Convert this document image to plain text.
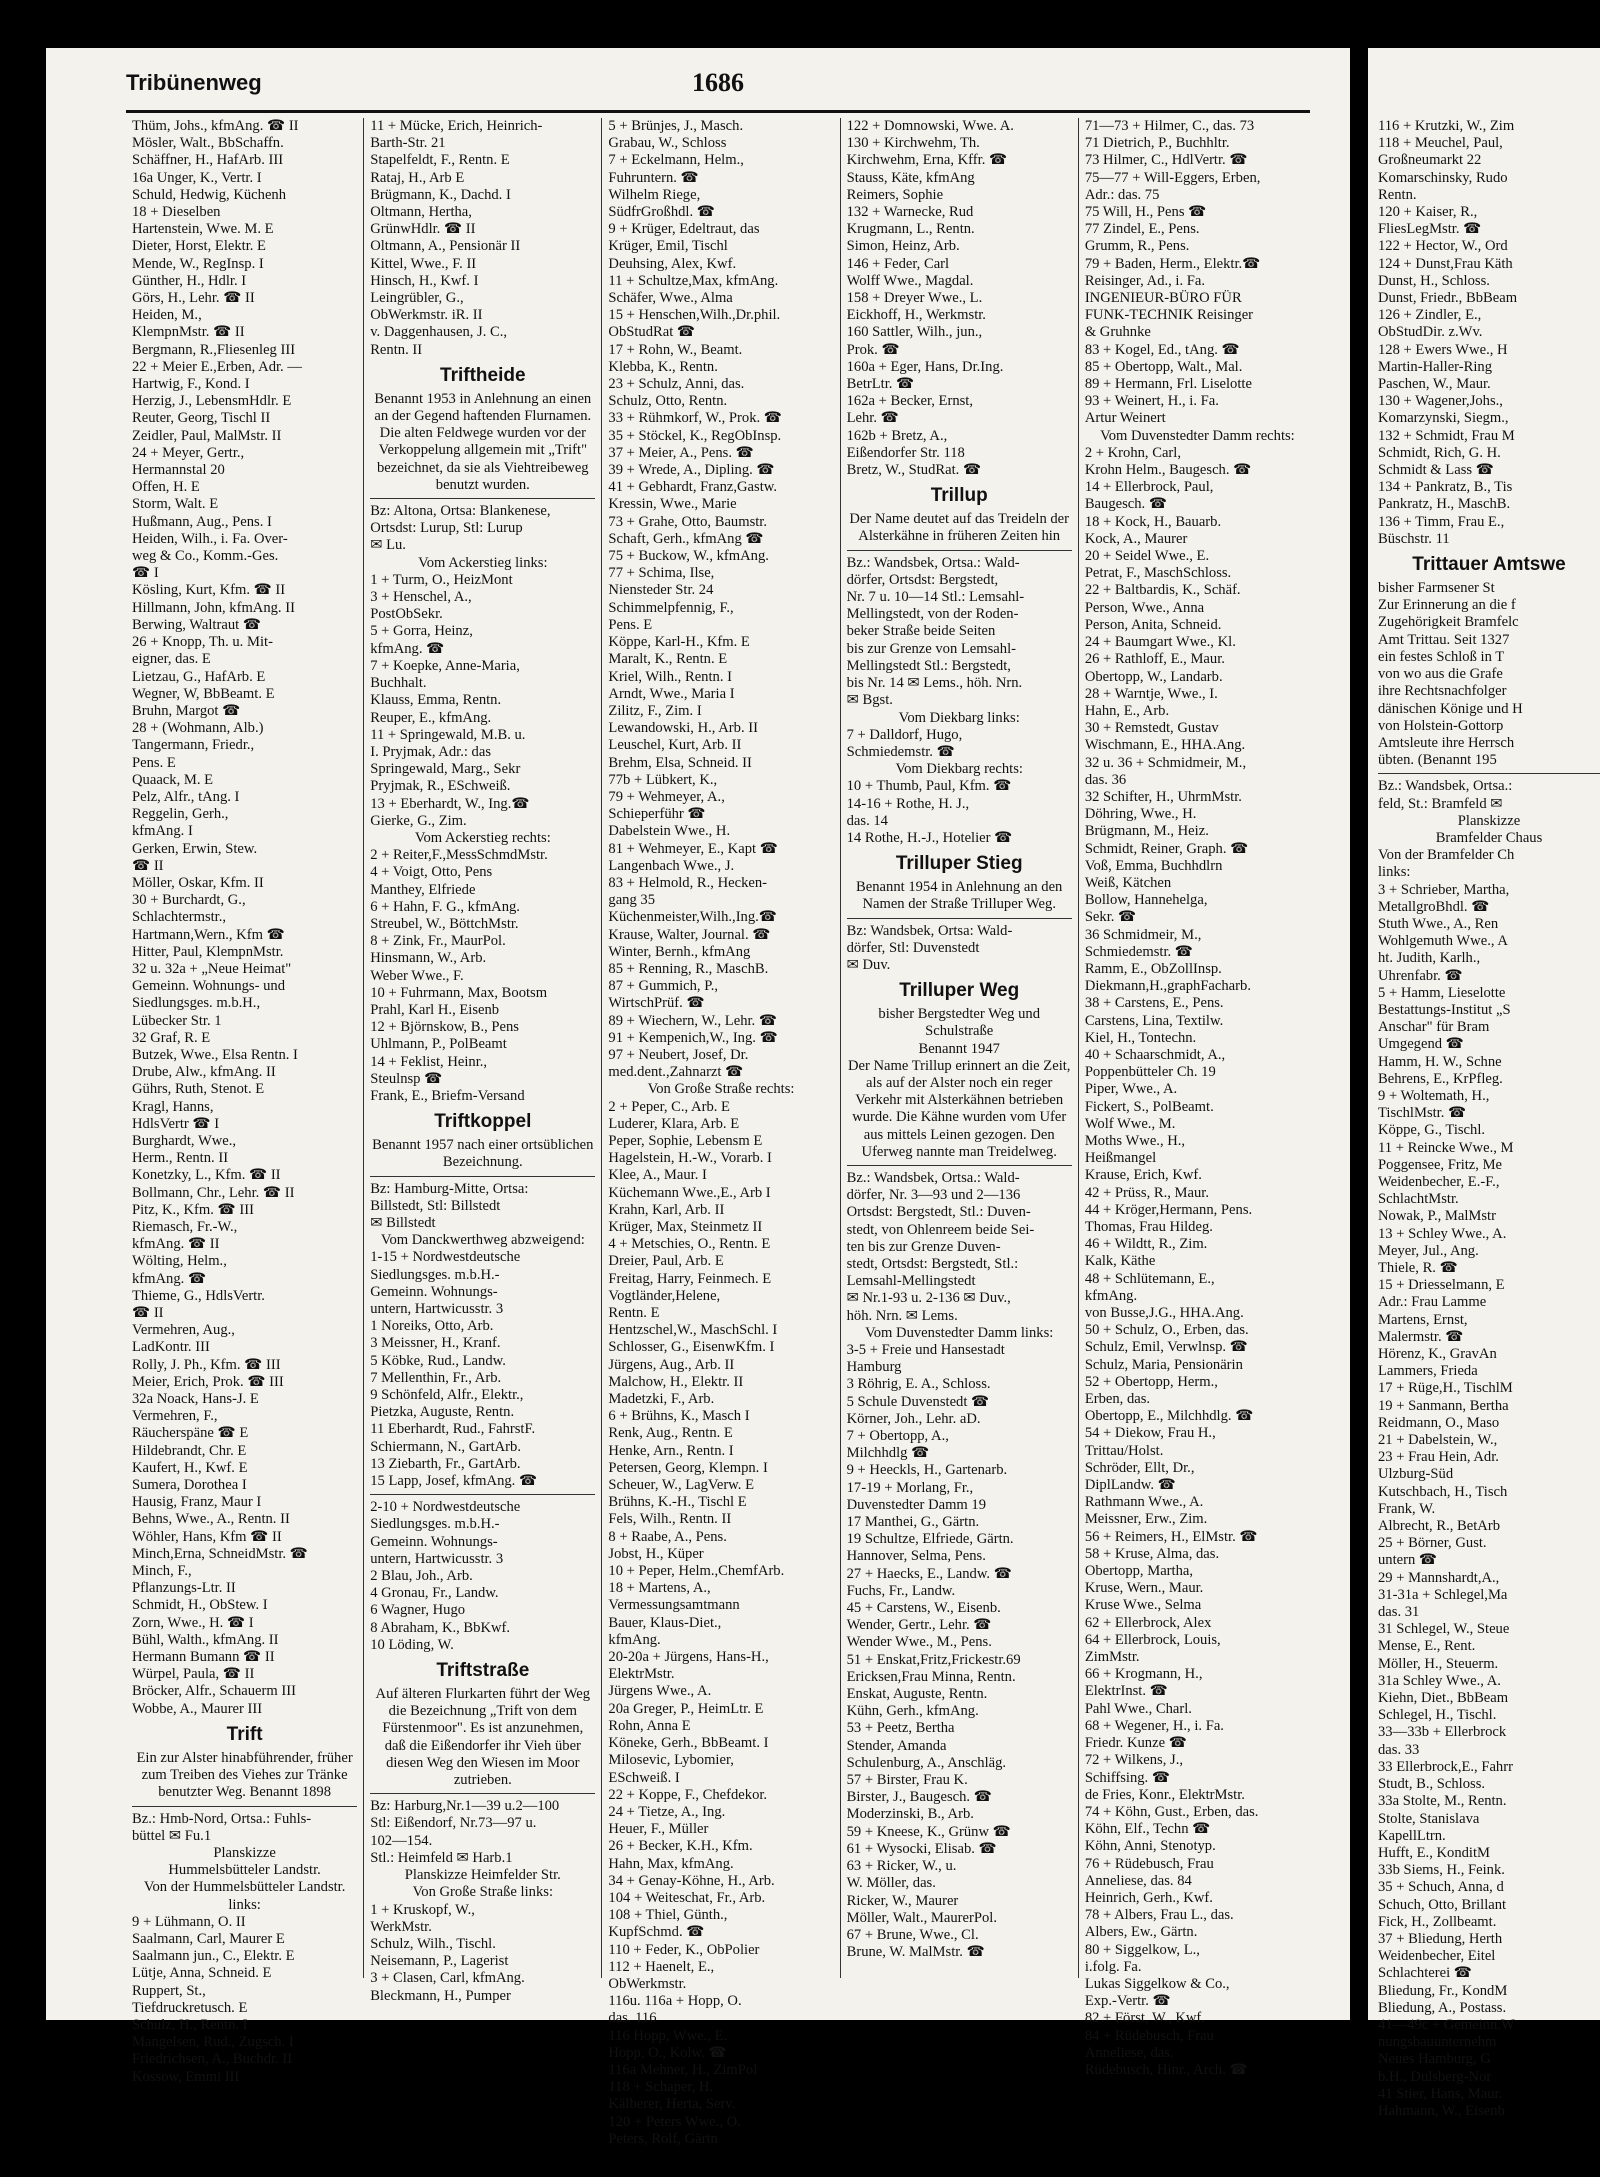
Tribünenweg	1686
Thüm, Johs., kfmAng. ☎ II
Mösler, Walt., BbSchaffn.
Schäffner, H., HafArb. III
16a Unger, K., Vertr. I
Schuld, Hedwig, Küchenh
18 + Dieselben
Hartenstein, Wwe. M. E
Dieter, Horst, Elektr. E
Mende, W., RegInsp. I
Günther, H., Hdlr. I
Görs, H., Lehr. ☎ II
Heiden, M.,
KlempnMstr. ☎ II
Bergmann, R.,Fliesenleg III
22 + Meier E.,Erben, Adr. —
Hartwig, F., Kond. I
Herzig, J., LebensmHdlr. E
Reuter, Georg, Tischl II
Zeidler, Paul, MalMstr. II
24 + Meyer, Gertr.,
Hermannstal 20
Offen, H. E
Storm, Walt. E
Hußmann, Aug., Pens. I
Heiden, Wilh., i. Fa. Over-
weg & Co., Komm.-Ges.
☎ I
Kösling, Kurt, Kfm. ☎ II
Hillmann, John, kfmAng. II
Berwing, Waltraut ☎
26 + Knopp, Th. u. Mit-
eigner, das. E
Lietzau, G., HafArb. E
Wegner, W, BbBeamt. E
Bruhn, Margot ☎
28 + (Wohmann, Alb.)
Tangermann, Friedr.,
Pens. E
Quaack, M. E
Pelz, Alfr., tAng. I
Reggelin, Gerh.,
kfmAng. I
Gerken, Erwin, Stew.
☎ II
Möller, Oskar, Kfm. II
30 + Burchardt, G.,
Schlachtermstr.,
Hartmann,Wern., Kfm ☎
Hitter, Paul, KlempnMstr.
32 u. 32a + „Neue Heimat"
Gemeinn. Wohnungs- und
Siedlungsges. m.b.H.,
Lübecker Str. 1
32 Graf, R. E
Butzek, Wwe., Elsa Rentn. I
Drube, Alw., kfmAng. II
Gührs, Ruth, Stenot. E
Kragl, Hanns,
HdlsVertr ☎ I
Burghardt, Wwe.,
Herm., Rentn. II
Konetzky, L., Kfm. ☎ II
Bollmann, Chr., Lehr. ☎ II
Pitz, K., Kfm. ☎ III
Riemasch, Fr.-W.,
kfmAng. ☎ II
Wölting, Helm.,
kfmAng. ☎
Thieme, G., HdlsVertr.
☎ II
Vermehren, Aug.,
LadKontr. III
Rolly, J. Ph., Kfm. ☎ III
Meier, Erich, Prok. ☎ III
32a Noack, Hans-J. E
Vermehren, F.,
Räucherspäne ☎ E
Hildebrandt, Chr. E
Kaufert, H., Kwf. E
Sumera, Dorothea I
Hausig, Franz, Maur I
Behns, Wwe., A., Rentn. II
Wöhler, Hans, Kfm ☎ II
Minch,Erna, SchneidMstr. ☎
Minch, F.,
Pflanzungs-Ltr. II
Schmidt, H., ObStew. I
Zorn, Wwe., H. ☎ I
Bühl, Walth., kfmAng. II
Hermann Bumann ☎ II
Würpel, Paula, ☎ II
Bröcker, Alfr., Schauerm III
Wobbe, A., Maurer III
Trift
Ein zur Alster hinabführender, früher zum Treiben des Viehes zur Tränke benutzter Weg. Benannt 1898
Bz.: Hmb-Nord, Ortsa.: Fuhls-
büttel ✉ Fu.1
Planskizze
Hummelsbütteler Landstr.
Von der Hummelsbütteler Landstr. links:
9 + Lühmann, O. II
Saalmann, Carl, Maurer E
Saalmann jun., C., Elektr. E
Lütje, Anna, Schneid. E
Ruppert, St.,
Tiefdruckretusch. E
Schulz, H., Rentn. I
Mangelsen, Rud., Zugsch. I
Friedrichsen, A., Buchdr. II
Kossow, Emmi III
11 + Mücke, Erich, Heinrich-
Barth-Str. 21
Stapelfeldt, F., Rentn. E
Rataj, H., Arb E
Brügmann, K., Dachd. I
Oltmann, Hertha,
GrünwHdlr. ☎ II
Oltmann, A., Pensionär II
Kittel, Wwe., F. II
Hinsch, H., Kwf. I
Leingrübler, G.,
ObWerkmstr. iR. II
v. Daggenhausen, J. C.,
Rentn. II
Triftheide
Benannt 1953 in Anlehnung an einen an der Gegend haftenden Flurnamen. Die alten Feldwege wurden vor der Verkoppelung allgemein mit „Trift" bezeichnet, da sie als Viehtreibeweg benutzt wurden.
Bz: Altona, Ortsa: Blankenese,
Ortsdst: Lurup, Stl: Lurup
✉ Lu.
Vom Ackerstieg links:
1 + Turm, O., HeizMont
3 + Henschel, A.,
PostObSekr.
5 + Gorra, Heinz,
kfmAng. ☎
7 + Koepke, Anne-Maria,
Buchhalt.
Klauss, Emma, Rentn.
Reuper, E., kfmAng.
11 + Springewald, M.B. u.
I. Pryjmak, Adr.: das
Springewald, Marg., Sekr
Pryjmak, R., ESchweiß.
13 + Eberhardt, W., Ing.☎
Gierke, G., Zim.
Vom Ackerstieg rechts:
2 + Reiter,F.,MessSchmdMstr.
4 + Voigt, Otto, Pens
Manthey, Elfriede
6 + Hahn, F. G., kfmAng.
Streubel, W., BöttchMstr.
8 + Zink, Fr., MaurPol.
Hinsmann, W., Arb.
Weber Wwe., F.
10 + Fuhrmann, Max, Bootsm
Prahl, Karl H., Eisenb
12 + Björnskow, B., Pens
Uhlmann, P., PolBeamt
14 + Feklist, Heinr.,
Steulnsp ☎
Frank, E., Briefm-Versand
Triftkoppel
Benannt 1957 nach einer ortsüblichen Bezeichnung.
Bz: Hamburg-Mitte, Ortsa:
Billstedt, Stl: Billstedt
✉ Billstedt
Vom Danckwerthweg abzweigend:
1-15 + Nordwestdeutsche
Siedlungsges. m.b.H.-
Gemeinn. Wohnungs-
untern, Hartwicusstr. 3
1 Noreiks, Otto, Arb.
3 Meissner, H., Kranf.
5 Köbke, Rud., Landw.
7 Mellenthin, Fr., Arb.
9 Schönfeld, Alfr., Elektr.,
Pietzka, Auguste, Rentn.
11 Eberhardt, Rud., FahrstF.
Schiermann, N., GartArb.
13 Ziebarth, Fr., GartArb.
15 Lapp, Josef, kfmAng. ☎
2-10 + Nordwestdeutsche
Siedlungsges. m.b.H.-
Gemeinn. Wohnungs-
untern, Hartwicusstr. 3
2 Blau, Joh., Arb.
4 Gronau, Fr., Landw.
6 Wagner, Hugo
8 Abraham, K., BbKwf.
10 Löding, W.
Triftstraße
Auf älteren Flurkarten führt der Weg die Bezeichnung „Trift von dem Fürstenmoor". Es ist anzunehmen, daß die Eißendorfer ihr Vieh über diesen Weg den Wiesen im Moor zutrieben.
Bz: Harburg,Nr.1—39 u.2—100
Stl: Eißendorf, Nr.73—97 u.
102—154.
Stl.: Heimfeld ✉ Harb.1
Planskizze Heimfelder Str.
Von Große Straße links:
1 + Kruskopf, W.,
WerkMstr.
Schulz, Wilh., Tischl.
Neisemann, P., Lagerist
3 + Clasen, Carl, kfmAng.
Bleckmann, H., Pumper
5 + Brünjes, J., Masch.
Grabau, W., Schloss
7 + Eckelmann, Helm.,
Fuhruntern. ☎
Wilhelm Riege,
SüdfrGroßhdl. ☎
9 + Krüger, Edeltraut, das
Krüger, Emil, Tischl
Deuhsing, Alex, Kwf.
11 + Schultze,Max, kfmAng.
Schäfer, Wwe., Alma
15 + Henschen,Wilh.,Dr.phil.
ObStudRat ☎
17 + Rohn, W., Beamt.
Klebba, K., Rentn.
23 + Schulz, Anni, das.
Schulz, Otto, Rentn.
33 + Rühmkorf, W., Prok. ☎
35 + Stöckel, K., RegObInsp.
37 + Meier, A., Pens. ☎
39 + Wrede, A., Dipling. ☎
41 + Gebhardt, Franz,Gastw.
Kressin, Wwe., Marie
73 + Grahe, Otto, Baumstr.
Schaft, Gerh., kfmAng ☎
75 + Buckow, W., kfmAng.
77 + Schima, Ilse,
Niensteder Str. 24
Schimmelpfennig, F.,
Pens. E
Köppe, Karl-H., Kfm. E
Maralt, K., Rentn. E
Kriel, Wilh., Rentn. I
Arndt, Wwe., Maria I
Zilitz, F., Zim. I
Lewandowski, H., Arb. II
Leuschel, Kurt, Arb. II
Brehm, Elsa, Schneid. II
77b + Lübkert, K.,
79 + Wehmeyer, A.,
Schieperführ ☎
Dabelstein Wwe., H.
81 + Wehmeyer, E., Kapt ☎
Langenbach Wwe., J.
83 + Helmold, R., Hecken-
gang 35
Küchenmeister,Wilh.,Ing.☎
Krause, Walter, Journal. ☎
Winter, Bernh., kfmAng
85 + Renning, R., MaschB.
87 + Gummich, P.,
WirtschPrüf. ☎
89 + Wiechern, W., Lehr. ☎
91 + Kempenich,W., Ing. ☎
97 + Neubert, Josef, Dr.
med.dent.,Zahnarzt ☎
Von Große Straße rechts:
2 + Peper, C., Arb. E
Luderer, Klara, Arb. E
Peper, Sophie, Lebensm E
Hagelstein, H.-W., Vorarb. I
Klee, A., Maur. I
Küchemann Wwe.,E., Arb I
Krahn, Karl, Arb. II
Krüger, Max, Steinmetz II
4 + Metschies, O., Rentn. E
Dreier, Paul, Arb. E
Freitag, Harry, Feinmech. E
Vogtländer,Helene,
Rentn. E
Hentzschel,W., MaschSchl. I
Schlosser, G., EisenwKfm. I
Jürgens, Aug., Arb. II
Malchow, H., Elektr. II
Madetzki, F., Arb.
6 + Brühns, K., Masch I
Renk, Aug., Rentn. E
Henke, Arn., Rentn. I
Petersen, Georg, Klempn. I
Scheuer, W., LagVerw. E
Brühns, K.-H., Tischl E
Fels, Wilh., Rentn. II
8 + Raabe, A., Pens.
Jobst, H., Küper
10 + Peper, Helm.,ChemfArb.
18 + Martens, A.,
Vermessungsamtmann
Bauer, Klaus-Diet.,
kfmAng.
20-20a + Jürgens, Hans-H.,
ElektrMstr.
Jürgens Wwe., A.
20a Greger, P., HeimLtr. E
Rohn, Anna E
Köneke, Gerh., BbBeamt. I
Milosevic, Lybomier,
ESchweiß. I
22 + Koppe, F., Chefdekor.
24 + Tietze, A., Ing.
Heuer, F., Müller
26 + Becker, K.H., Kfm.
Hahn, Max, kfmAng.
34 + Genay-Köhne, H., Arb.
104 + Weiteschat, Fr., Arb.
108 + Thiel, Günth.,
KupfSchmd. ☎
110 + Feder, K., ObPolier
112 + Haenelt, E.,
ObWerkmstr.
116u. 116a + Hopp, O.
das. 116
116 Hopp, Wwe., E.
Hopp, O., Kolw. ☎
116a Mehner, H., ZimPol
118 + Schaper, H.
Kälberer, Herta, Serv.
120 + Peters Wwe., O.
Peters, Rolf, Gärtn
122 + Domnowski, Wwe. A.
130 + Kirchwehm, Th.
Kirchwehm, Erna, Kffr. ☎
Stauss, Käte, kfmAng
Reimers, Sophie
132 + Warnecke, Rud
Krugmann, L., Rentn.
Simon, Heinz, Arb.
146 + Feder, Carl
Wolff Wwe., Magdal.
158 + Dreyer Wwe., L.
Eickhoff, H., Werkmstr.
160 Sattler, Wilh., jun.,
Prok. ☎
160a + Eger, Hans, Dr.Ing.
BetrLtr. ☎
162a + Becker, Ernst,
Lehr. ☎
162b + Bretz, A.,
Eißendorfer Str. 118
Bretz, W., StudRat. ☎
Trillup
Der Name deutet auf das Treideln der Alsterkähne in früheren Zeiten hin
Bz.: Wandsbek, Ortsa.: Wald-
dörfer, Ortsdst: Bergstedt,
Nr. 7 u. 10—14 Stl.: Lemsahl-
Mellingstedt, von der Roden-
beker Straße beide Seiten
bis zur Grenze von Lemsahl-
Mellingstedt Stl.: Bergstedt,
bis Nr. 14 ✉ Lems., höh. Nrn.
✉ Bgst.
Vom Diekbarg links:
7 + Dalldorf, Hugo,
Schmiedemstr. ☎
Vom Diekbarg rechts:
10 + Thumb, Paul, Kfm. ☎
14-16 + Rothe, H. J.,
das. 14
14 Rothe, H.-J., Hotelier ☎
Trilluper Stieg
Benannt 1954 in Anlehnung an den Namen der Straße Trilluper Weg.
Bz: Wandsbek, Ortsa: Wald-
dörfer, Stl: Duvenstedt
✉ Duv.
Trilluper Weg
bisher Bergstedter Weg und Schulstraße
Benannt 1947
Der Name Trillup erinnert an die Zeit, als auf der Alster noch ein reger Verkehr mit Alsterkähnen betrieben wurde. Die Kähne wurden vom Ufer aus mittels Leinen gezogen. Den Uferweg nannte man Treidelweg.
Bz.: Wandsbek, Ortsa.: Wald-
dörfer, Nr. 3—93 und 2—136
Ortsdst: Bergstedt, Stl.: Duven-
stedt, von Ohlenreem beide Sei-
ten bis zur Grenze Duven-
stedt, Ortsdst: Bergstedt, Stl.:
Lemsahl-Mellingstedt
✉ Nr.1-93 u. 2-136 ✉ Duv.,
höh. Nrn. ✉ Lems.
Vom Duvenstedter Damm links:
3-5 + Freie und Hansestadt
Hamburg
3 Röhrig, E. A., Schloss.
5 Schule Duvenstedt ☎
Körner, Joh., Lehr. aD.
7 + Obertopp, A.,
Milchhdlg ☎
9 + Heeckls, H., Gartenarb.
17-19 + Morlang, Fr.,
Duvenstedter Damm 19
17 Manthei, G., Gärtn.
19 Schultze, Elfriede, Gärtn.
Hannover, Selma, Pens.
27 + Haecks, E., Landw. ☎
Fuchs, Fr., Landw.
45 + Carstens, W., Eisenb.
Wender, Gertr., Lehr. ☎
Wender Wwe., M., Pens.
51 + Enskat,Fritz,Frickestr.69
Ericksen,Frau Minna, Rentn.
Enskat, Auguste, Rentn.
Kühn, Gerh., kfmAng.
53 + Peetz, Bertha
Stender, Amanda
Schulenburg, A., Anschläg.
57 + Birster, Frau K.
Birster, J., Baugesch. ☎
Moderzinski, B., Arb.
59 + Kneese, K., Grünw ☎
61 + Wysocki, Elisab. ☎
63 + Ricker, W., u.
W. Möller, das.
Ricker, W., Maurer
Möller, Walt., MaurerPol.
67 + Brune, Wwe., Cl.
Brune, W. MalMstr. ☎
71—73 + Hilmer, C., das. 73
71 Dietrich, P., Buchhltr.
73 Hilmer, C., HdlVertr. ☎
75—77 + Will-Eggers, Erben,
Adr.: das. 75
75 Will, H., Pens ☎
77 Zindel, E., Pens.
Grumm, R., Pens.
79 + Baden, Herm., Elektr.☎
Reisinger, Ad., i. Fa.
INGENIEUR-BÜRO FÜR
FUNK-TECHNIK Reisinger
& Gruhnke
83 + Kogel, Ed., tAng. ☎
85 + Obertopp, Walt., Mal.
89 + Hermann, Frl. Liselotte
93 + Weinert, H., i. Fa.
Artur Weinert
Vom Duvenstedter Damm rechts:
2 + Krohn, Carl,
Krohn Helm., Baugesch. ☎
14 + Ellerbrock, Paul,
Baugesch. ☎
18 + Kock, H., Bauarb.
Kock, A., Maurer
20 + Seidel Wwe., E.
Petrat, F., MaschSchloss.
22 + Baltbardis, K., Schäf.
Person, Wwe., Anna
Person, Anita, Schneid.
24 + Baumgart Wwe., Kl.
26 + Rathloff, E., Maur.
Obertopp, W., Landarb.
28 + Warntje, Wwe., I.
Hahn, E., Arb.
30 + Remstedt, Gustav
Wischmann, E., HHA.Ang.
32 u. 36 + Schmidmeir, M.,
das. 36
32 Schifter, H., UhrmMstr.
Döhring, Wwe., H.
Brügmann, M., Heiz.
Schmidt, Reiner, Graph. ☎
Voß, Emma, Buchhdlrn
Weiß, Kätchen
Bollow, Hannehelga,
Sekr. ☎
36 Schmidmeir, M.,
Schmiedemstr. ☎
Ramm, E., ObZollInsp.
Diekmann,H.,graphFacharb.
38 + Carstens, E., Pens.
Carstens, Lina, Textilw.
Kiel, H., Tontechn.
40 + Schaarschmidt, A.,
Poppenbütteler Ch. 19
Piper, Wwe., A.
Fickert, S., PolBeamt.
Wolf Wwe., M.
Moths Wwe., H.,
Heißmangel
Krause, Erich, Kwf.
42 + Prüss, R., Maur.
44 + Kröger,Hermann, Pens.
Thomas, Frau Hildeg.
46 + Wildtt, R., Zim.
Kalk, Käthe
48 + Schlütemann, E.,
kfmAng.
von Busse,J.G., HHA.Ang.
50 + Schulz, O., Erben, das.
Schulz, Emil, Verwlnsp. ☎
Schulz, Maria, Pensionärin
52 + Obertopp, Herm.,
Erben, das.
Obertopp, E., Milchhdlg. ☎
54 + Diekow, Frau H.,
Trittau/Holst.
Schröder, Ellt, Dr.,
DiplLandw. ☎
Rathmann Wwe., A.
Meissner, Erw., Zim.
56 + Reimers, H., ElMstr. ☎
58 + Kruse, Alma, das.
Obertopp, Martha,
Kruse, Wern., Maur.
Kruse Wwe., Selma
62 + Ellerbrock, Alex
64 + Ellerbrock, Louis,
ZimMstr.
66 + Krogmann, H.,
ElektrInst. ☎
Pahl Wwe., Charl.
68 + Wegener, H., i. Fa.
Friedr. Kunze ☎
72 + Wilkens, J.,
Schiffsing. ☎
de Fries, Konr., ElektrMstr.
74 + Köhn, Gust., Erben, das.
Köhn, Elf., Techn ☎
Köhn, Anni, Stenotyp.
76 + Rüdebusch, Frau
Anneliese, das. 84
Heinrich, Gerh., Kwf.
78 + Albers, Frau L., das.
Albers, Ew., Gärtn.
80 + Siggelkow, L.,
i.folg. Fa.
Lukas Siggelkow & Co.,
Exp.-Vertr. ☎
82 + Först, W., Kwf.
84 + Rüdebusch, Frau
Anneliese, das.
Rüdebusch, Hinr., Arch. ☎
116 + Krutzki, W., Zim
118 + Meuchel, Paul,
Großneumarkt 22
Komarschinsky, Rudo
Rentn.
120 + Kaiser, R.,
FliesLegMstr. ☎
122 + Hector, W., Ord
124 + Dunst,Frau Käth
Dunst, H., Schloss.
Dunst, Friedr., BbBeam
126 + Zindler, E.,
ObStudDir. z.Wv.
128 + Ewers Wwe., H
Martin-Haller-Ring
Paschen, W., Maur.
130 + Wagener,Johs.,
Komarzynski, Siegm.,
132 + Schmidt, Frau M
Schmidt, Rich, G. H.
Schmidt & Lass ☎
134 + Pankratz, B., Tis
Pankratz, H., MaschB.
136 + Timm, Frau E.,
Büschstr. 11
Trittauer Amtswe
bisher Farmsener St
Zur Erinnerung an die f
Zugehörigkeit Bramfelc
Amt Trittau. Seit 1327
ein festes Schloß in T
von wo aus die Grafe
ihre Rechtsnachfolger
dänischen Könige und H
von Holstein-Gottorp
Amtsleute ihre Herrsch
übten. (Benannt 195
Bz.: Wandsbek, Ortsa.:
feld, St.: Bramfeld ✉
Planskizze
Bramfelder Chaus
Von der Bramfelder Ch
links:
3 + Schrieber, Martha,
MetallgroBhdl. ☎
Stuth Wwe., A., Ren
Wohlgemuth Wwe., A
ht. Judith, Karlh.,
Uhrenfabr. ☎
5 + Hamm, Lieselotte
Bestattungs-Institut „S
Anschar" für Bram
Umgegend ☎
Hamm, H. W., Schne
Behrens, E., KrPfleg.
9 + Woltemath, H.,
TischlMstr. ☎
Köppe, G., Tischl.
11 + Reincke Wwe., M
Poggensee, Fritz, Me
Weidenbecher, E.-F.,
SchlachtMstr.
Nowak, P., MalMstr
13 + Schley Wwe., A.
Meyer, Jul., Ang.
Thiele, R. ☎
15 + Driesselmann, E
Adr.: Frau Lamme
Martens, Ernst,
Malermstr. ☎
Hörenz, K., GravAn
Lammers, Frieda
17 + Rüge,H., TischlM
19 + Sanmann, Bertha
Reidmann, O., Maso
21 + Dabelstein, W.,
23 + Frau Hein, Adr.
Ulzburg-Süd
Kutschbach, H., Tisch
Frank, W.
Albrecht, R., BetArb
25 + Börner, Gust.
untern ☎
29 + Mannshardt,A.,
31-31a + Schlegel,Ma
das. 31
31 Schlegel, W., Steue
Mense, E., Rent.
Möller, H., Steuerm.
31a Schley Wwe., A.
Kiehn, Diet., BbBeam
Schlegel, H., Tischl.
33—33b + Ellerbrock
das. 33
33 Ellerbrock,E., Fahrr
Studt, B., Schloss.
33a Stolte, M., Rentn.
Stolte, Stanislava
KapellLtrn.
Hufft, E., KonditM
33b Siems, H., Feink.
35 + Schuch, Anna, d
Schuch, Otto, Brillant
Fick, H., Zollbeamt.
37 + Bliedung, Herth
Weidenbecher, Eitel
Schlachterei ☎
Bliedung, Fr., KondM
Bliedung, A., Postass.
41—49c + Gemeinn.W
nungsbauunternehm
Neues Hamburg, G
b.H., Dulsberg-Nor
41 Stier, Hans, Maur.
Hahmann, W., Eisenb
